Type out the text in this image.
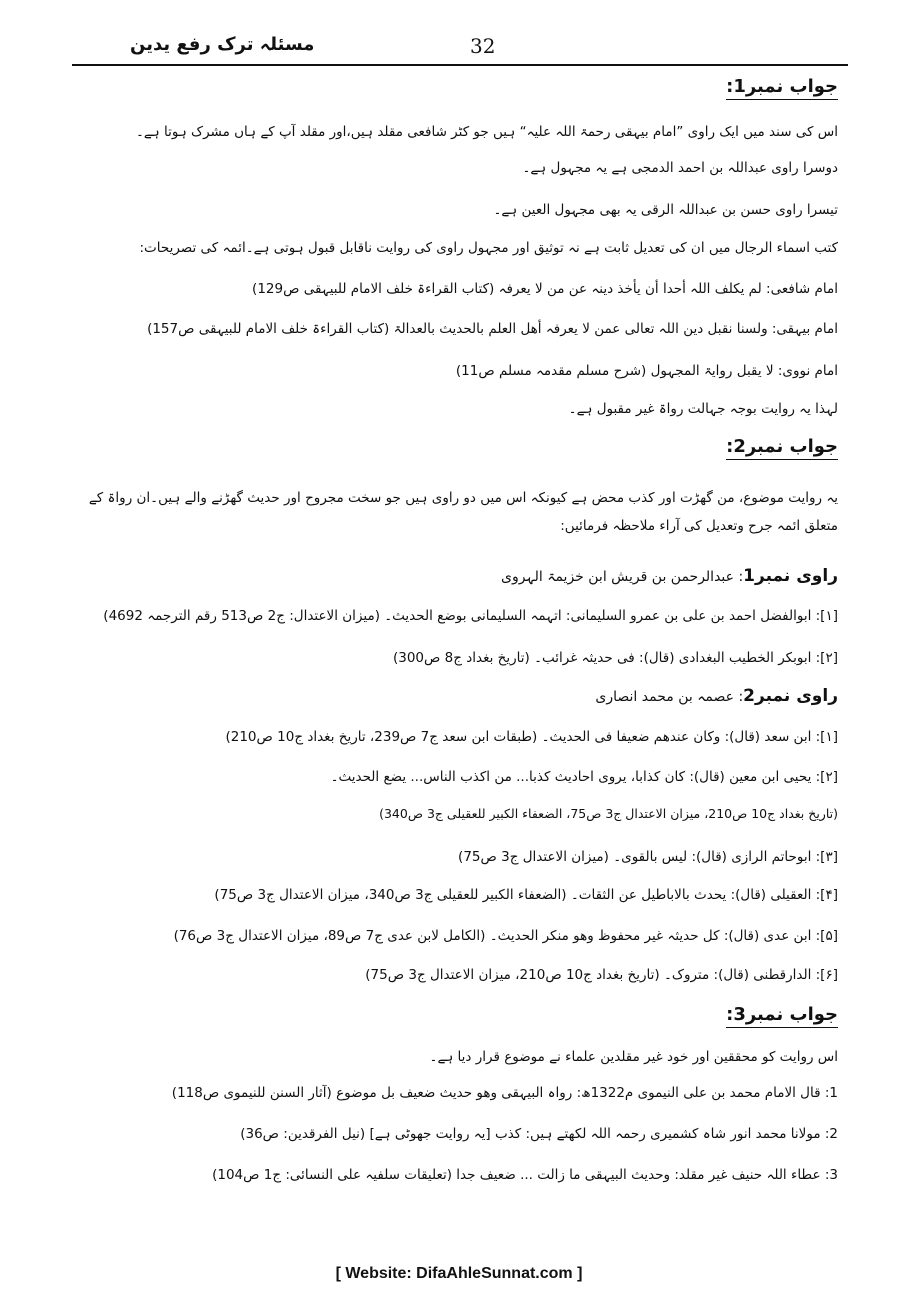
مسئلہ ترک رفع یدین	32
جواب نمبر1:
اس کی سند میں ایک راوی ”امام بیہقی رحمۃ اللہ علیہ“ ہیں جو کٹر شافعی مقلد ہیں،اور مقلد آپ کے ہاں مشرک ہوتا ہے۔
دوسرا راوی عبداللہ بن احمد الدمجی ہے یہ مجہول ہے۔
تیسرا راوی حسن بن عبداللہ الرقی یہ بھی مجہول العین ہے۔
کتب اسماء الرجال میں ان کی تعدیل ثابت ہے نہ توثیق اور مجہول راوی کی روایت ناقابل قبول ہوتی ہے۔ائمہ کی تصریحات:
امام شافعی: لم یکلف اللہ أحدا أن یأخذ دینہ عن من لا یعرفہ (کتاب القراءۃ خلف الامام للبیہقی ص129)
امام بیہقی: ولسنا نقبل دین اللہ تعالی عمن لا یعرفہ أھل العلم بالحدیث بالعدالۃ (کتاب القراءۃ خلف الامام للبیہقی ص157)
امام نووی: لا یقبل روایۃ المجہول (شرح مسلم مقدمہ مسلم ص11)
لہذا یہ روایت بوجہ جہالت رواۃ غیر مقبول ہے۔
جواب نمبر2:
یہ روایت موضوع، من گھڑت اور کذب محض ہے کیونکہ اس میں دو راوی ہیں جو سخت مجروح اور حدیث گھڑنے والے ہیں۔ان رواۃ کے متعلق ائمہ جرح وتعدیل کی آراء ملاحظہ فرمائیں:
راوی نمبر1: عبدالرحمن بن قریش ابن خزیمۃ الہروی
[۱]: ابوالفضل احمد بن علی بن عمرو السلیمانی: اتہمہ السلیمانی بوضع الحدیث۔ (میزان الاعتدال: ج2 ص513 رقم الترجمہ 4692)
[۲]: ابوبکر الخطیب البغدادی (قال): فی حدیثہ غرائب۔ (تاریخ بغداد ج8 ص300)
راوی نمبر2: عصمہ بن محمد انصاری
[۱]: ابن سعد (قال): وکان عندھم ضعیفا فی الحدیث۔ (طبقات ابن سعد ج7 ص239، تاریخ بغداد ج10 ص210)
[۲]: یحیی ابن معین (قال): کان کذابا، یروی احادیث کذبا... من اکذب الناس... یضع الحدیث۔
(تاریخ بغداد ج10 ص210، میزان الاعتدال ج3 ص75، الضعفاء الکبیر للعقیلی ج3 ص340)
[۳]: ابوحاتم الرازی (قال): لیس بالقوی۔ (میزان الاعتدال ج3 ص75)
[۴]: العقیلی (قال): یحدث بالاباطیل عن الثقات۔ (الضعفاء الکبیر للعقیلی ج3 ص340، میزان الاعتدال ج3 ص75)
[۵]: ابن عدی (قال): کل حدیثہ غیر محفوظ وھو منکر الحدیث۔ (الکامل لابن عدی ج7 ص89، میزان الاعتدال ج3 ص76)
[۶]: الدارقطنی (قال): متروک۔ (تاریخ بغداد ج10 ص210، میزان الاعتدال ج3 ص75)
جواب نمبر3:
اس روایت کو محققین اور خود غیر مقلدین علماء نے موضوع قرار دیا ہے۔
1: قال الامام محمد بن علی النیموی م1322ھ: رواہ البیہقی وھو حدیث ضعیف بل موضوع (آثار السنن للنیموی ص118)
2: مولانا محمد انور شاہ کشمیری رحمہ اللہ لکھتے ہیں: کذب [یہ روایت جھوٹی ہے] (نیل الفرقدین: ص36)
3: عطاء اللہ حنیف غیر مقلد: وحدیث البیہقی ما زالت ... ضعیف جدا (تعلیقات سلفیہ علی النسائی: ج1 ص104)
[ Website: DifaAhleSunnat.com ]
